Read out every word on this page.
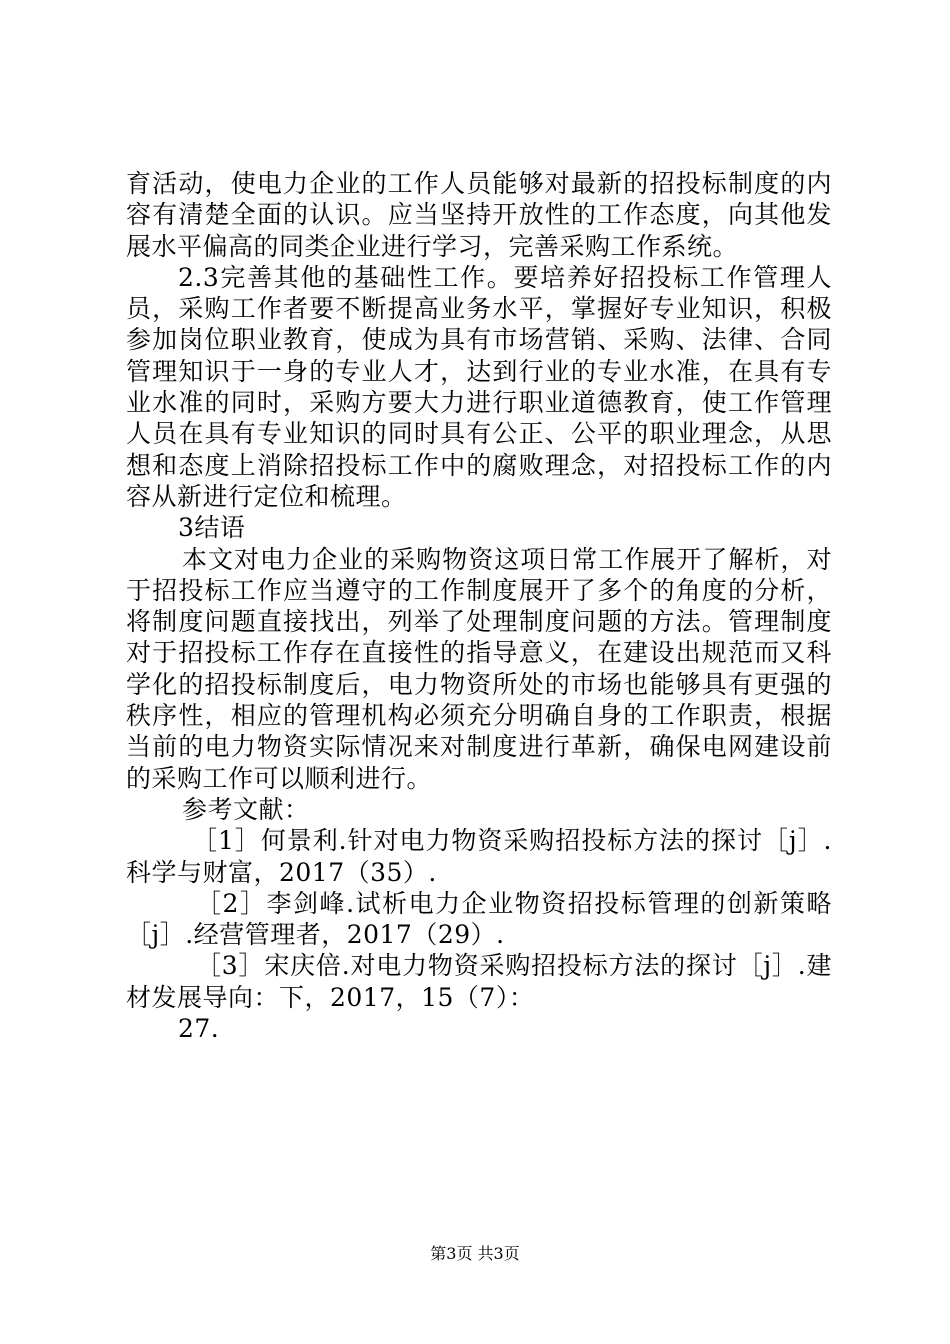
育活动，使电力企业的工作人员能够对最新的招投标制度的内容有清楚全面的认识。应当坚持开放性的工作态度，向其他发展水平偏高的同类企业进行学习，完善采购工作系统。

2.3完善其他的基础性工作。要培养好招投标工作管理人员，采购工作者要不断提高业务水平，掌握好专业知识，积极参加岗位职业教育，使成为具有市场营销、采购、法律、合同管理知识于一身的专业人才，达到行业的专业水准，在具有专业水准的同时，采购方要大力进行职业道德教育，使工作管理人员在具有专业知识的同时具有公正、公平的职业理念，从思想和态度上消除招投标工作中的腐败理念，对招投标工作的内容从新进行定位和梳理。

3结语

本文对电力企业的采购物资这项日常工作展开了解析，对于招投标工作应当遵守的工作制度展开了多个的角度的分析，将制度问题直接找出，列举了处理制度问题的方法。管理制度对于招投标工作存在直接性的指导意义，在建设出规范而又科学化的招投标制度后，电力物资所处的市场也能够具有更强的秩序性，相应的管理机构必须充分明确自身的工作职责，根据当前的电力物资实际情况来对制度进行革新，确保电网建设前的采购工作可以顺利进行。

参考文献：

［1］何景利.针对电力物资采购招投标方法的探讨［j］.科学与财富，2017（35）.

［2］李剑峰.试析电力企业物资招投标管理的创新策略［j］.经营管理者，2017（29）.

［3］宋庆倍.对电力物资采购招投标方法的探讨［j］.建材发展导向：下，2017，15（7）：

27.

第3页 共3页
